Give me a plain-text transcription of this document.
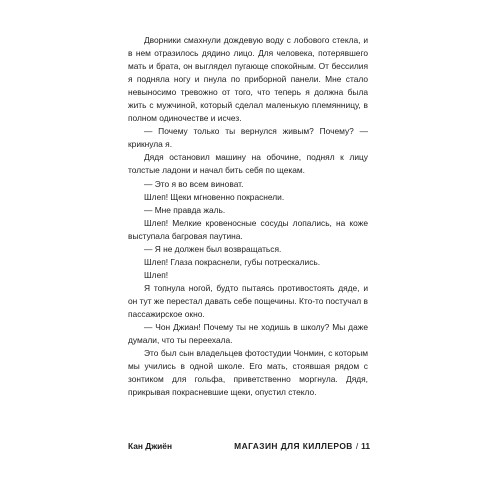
Дворники смахнули дождевую воду с лобового стекла, и в нем отразилось дядино лицо. Для человека, потерявшего мать и брата, он выглядел пугающе спокойным. От бессилия я подняла ногу и пнула по приборной панели. Мне стало невыносимо тревожно от того, что теперь я должна была жить с мужчиной, который сделал маленькую племянницу, в полном одиночестве и исчез.

— Почему только ты вернулся живым? Почему? — крикнула я.

Дядя остановил машину на обочине, поднял к лицу толстые ладони и начал бить себя по щекам.

— Это я во всем виноват.

Шлеп! Щеки мгновенно покраснели.

— Мне правда жаль.

Шлеп! Мелкие кровеносные сосуды лопались, на коже выступала багровая паутина.

— Я не должен был возвращаться.

Шлеп! Глаза покраснели, губы потрескались.

Шлеп!

Я топнула ногой, будто пытаясь противостоять дяде, и он тут же перестал давать себе пощечины. Кто-то постучал в пассажирское окно.

— Чон Джиан! Почему ты не ходишь в школу? Мы даже думали, что ты переехала.

Это был сын владельцев фотостудии Чонмин, с которым мы учились в одной школе. Его мать, стоявшая рядом с зонтиком для гольфа, приветственно моргнула. Дядя, прикрывая покрасневшие щеки, опустил стекло.

Кан Джиён	МАГАЗИН ДЛЯ КИЛЛЕРОВ / 11
